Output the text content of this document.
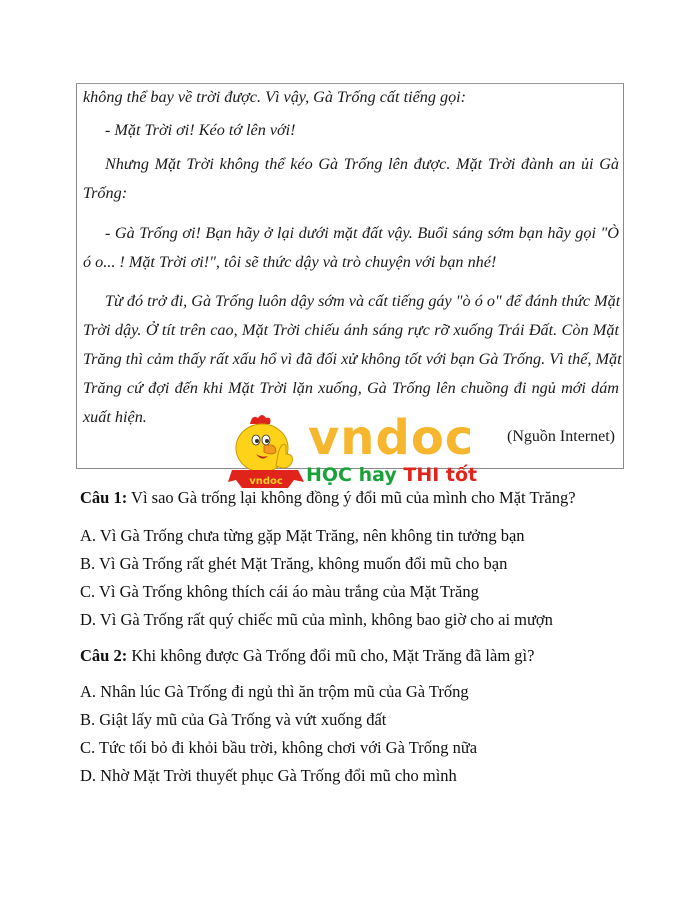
không thể bay về trời được. Vì vậy, Gà Trống cất tiếng gọi:
- Mặt Trời ơi! Kéo tớ lên với!
Nhưng Mặt Trời không thể kéo Gà Trống lên được. Mặt Trời đành an ủi Gà
Trống:
- Gà Trống ơi! Bạn hãy ở lại dưới mặt đất vậy. Buổi sáng sớm bạn hãy gọi "Ò
ó o... ! Mặt Trời ơi!", tôi sẽ thức dậy và trò chuyện với bạn nhé!
Từ đó trở đi, Gà Trống luôn dậy sớm và cất tiếng gáy "ò ó o" để đánh thức Mặt
Trời dậy. Ở tít trên cao, Mặt Trời chiếu ánh sáng rực rỡ xuống Trái Đất. Còn Mặt
Trăng thì cảm thấy rất xấu hổ vì đã đối xử không tốt với bạn Gà Trống. Vì thế, Mặt
Trăng cứ đợi đến khi Mặt Trời lặn xuống, Gà Trống lên chuồng đi ngủ mới dám
xuất hiện.
(Nguồn Internet)
vndoc
vndoc
HỌC hay THI tốt
Câu 1: Vì sao Gà trống lại không đồng ý đổi mũ của mình cho Mặt Trăng?
A. Vì Gà Trống chưa từng gặp Mặt Trăng, nên không tin tưởng bạn
B. Vì Gà Trống rất ghét Mặt Trăng, không muốn đổi mũ cho bạn
C. Vì Gà Trống không thích cái áo màu trắng của Mặt Trăng
D. Vì Gà Trống rất quý chiếc mũ của mình, không bao giờ cho ai mượn
Câu 2: Khi không được Gà Trống đổi mũ cho, Mặt Trăng đã làm gì?
A. Nhân lúc Gà Trống đi ngủ thì ăn trộm mũ của Gà Trống
B. Giật lấy mũ của Gà Trống và vứt xuống đất
C. Tức tối bỏ đi khỏi bầu trời, không chơi với Gà Trống nữa
D. Nhờ Mặt Trời thuyết phục Gà Trống đổi mũ cho mình
